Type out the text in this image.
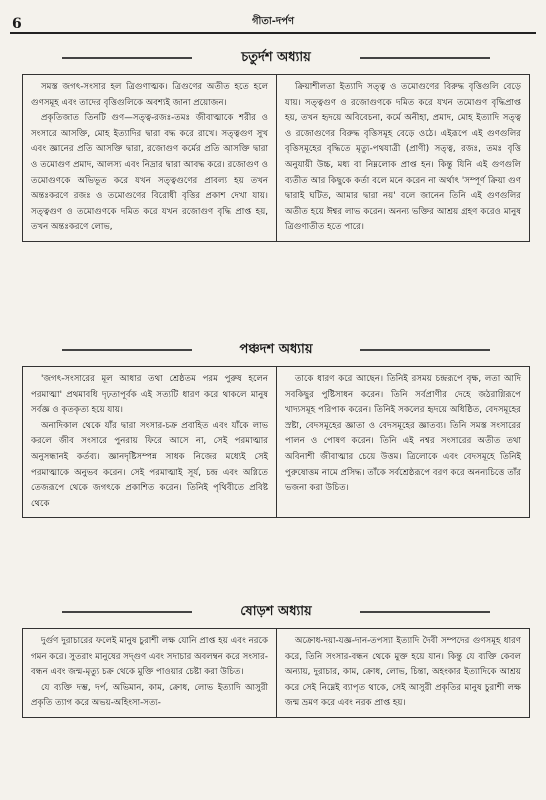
6	গীতা-দর্পণ
চতুর্দশ অধ্যায়

সমস্ত জগৎ-সংসার হল ত্রিগুণাত্মক। ত্রিগুণের অতীত হতে হলে গুণসমূহ এবং তাদের বৃত্তিগুলিকে অবশ্যই জানা প্রয়োজন।

প্রকৃতিজাত তিনটি গুণ—সত্ত্ব-রজঃ-তমঃ জীবাত্মাকে শরীর ও সংসারে আসক্তি, মোহ ইত্যাদির দ্বারা বদ্ধ করে রাখে। সত্ত্বগুণ সুখ এবং জ্ঞানের প্রতি আসক্তি দ্বারা, রজোগুণ কর্মের প্রতি আসক্তি দ্বারা ও তমোগুণ প্রমাদ, আলস্য এবং নিদ্রার দ্বারা আবদ্ধ করে। রজোগুণ ও তমোগুণকে অভিভূত করে যখন সত্ত্বগুণের প্রাবল্য হয় তখন অন্তঃকরণে রজঃ ও তমোগুণের বিরোধী বৃত্তির প্রকাশ দেখা যায়। সত্ত্বগুণ ও তমোগুণকে দমিত করে যখন রজোগুণ বৃদ্ধি প্রাপ্ত হয়, তখন অন্তঃকরণে লোভ,

ক্রিয়াশীলতা ইত্যাদি সত্ত্ব ও তমোগুণের বিরুদ্ধ বৃত্তিগুলি বেড়ে যায়। সত্ত্বগুণ ও রজোগুণকে দমিত করে যখন তমোগুণ বৃদ্ধিপ্রাপ্ত হয়, তখন হৃদয়ে অবিবেচনা, কর্মে অনীহা, প্রমাদ, মোহ ইত্যাদি সত্ত্ব ও রজোগুণের বিরুদ্ধ বৃত্তিসমূহ বেড়ে ওঠে। এইরূপে এই গুণগুলির বৃত্তিসমূহের বৃদ্ধিতে মৃত্যু-পথযাত্রী (প্রাণী) সত্ত্ব, রজঃ, তমঃ বৃত্তি অনুযায়ী উচ্চ, মধ্য বা নিম্নলোক প্রাপ্ত হন। কিন্তু যিনি এই গুণগুলি ব্যতীত আর কিছুকে কর্তা বলে মনে করেন না অর্থাৎ 'সম্পূর্ণ ক্রিয়া গুণ দ্বারাই ঘটিত, আমার দ্বারা নয়' বলে জানেন তিনি এই গুণগুলির অতীত হয়ে ঈশ্বর লাভ করেন। অনন্য ভক্তির আশ্রয় গ্রহণ করেও মানুষ ত্রিগুণাতীত হতে পারে।

পঞ্চদশ অধ্যায়

'জগৎ-সংসারের মূল আধার তথা শ্রেষ্ঠতম পরম পুরুষ হলেন পরমাত্মা' প্রথমাবধি দৃঢ়তাপূর্বক এই সত্যটি ধারণ করে থাকলে মানুষ সর্বজ্ঞ ও কৃতকৃত্য হয়ে যায়।

অনাদিকাল থেকে যাঁর দ্বারা সংসার-চক্র প্রবাহিত এবং যাঁকে লাভ করলে জীব সংসারে পুনরায় ফিরে আসে না, সেই পরমাত্মার অনুসন্ধানই কর্তব্য। জ্ঞানদৃষ্টিসম্পন্ন সাধক নিজের মধ্যেই সেই পরমাত্মাকে অনুভব করেন। সেই পরমাত্মাই সূর্য, চন্দ্র এবং অগ্নিতে তেজরূপে থেকে জগৎকে প্রকাশিত করেন। তিনিই পৃথিবীতে প্রবিষ্ট থেকে

তাকে ধারণ করে আছেন। তিনিই রসময় চন্দ্ররূপে বৃক্ষ, লতা আদি সবকিছুর পুষ্টিসাধন করেন। তিনি সর্বপ্রাণীর দেহে জঠরাগ্নিরূপে খাদ্যসমূহ পরিপাক করেন। তিনিই সকলের হৃদয়ে অধিষ্ঠিত, বেদসমূহের স্রষ্টা, বেদসমূহের জ্ঞাতা ও বেদসমূহের জ্ঞাতব্য। তিনি সমস্ত সংসারের পালন ও পোষণ করেন। তিনি এই নশ্বর সংসারের অতীত তথা অবিনাশী জীবাত্মার চেয়ে উত্তম। ত্রিলোকে এবং বেদসমূহে তিনিই পুরুষোত্তম নামে প্রসিদ্ধ। তাঁকে সর্বশ্রেষ্ঠরূপে বরণ করে অনন্যচিত্তে তাঁর ভজনা করা উচিত।

ষোড়শ অধ্যায়

দুর্গুণ দুরাচারের ফলেই মানুষ চুরাশী লক্ষ যোনি প্রাপ্ত হয় এবং নরকে গমন করে। সুতরাং মানুষের সদ্গুণ এবং সদাচার অবলম্বন করে সংসার-বন্ধন এবং জন্ম-মৃত্যু চক্র থেকে মুক্তি পাওয়ার চেষ্টা করা উচিত।

যে ব্যক্তি দম্ভ, দর্প, অভিমান, কাম, ক্রোধ, লোভ ইত্যাদি আসুরী প্রকৃতি ত্যাগ করে অভয়-অহিংসা-সত্য-

অক্রোধ-দয়া-যজ্ঞ-দান-তপস্যা ইত্যাদি দৈবী সম্পদের গুণসমূহ ধারণ করে, তিনি সংসার-বন্ধন থেকে মুক্ত হয়ে যান। কিন্তু যে ব্যক্তি কেবল অন্যায়, দুরাচার, কাম, ক্রোধ, লোভ, চিন্তা, অহংকার ইত্যাদিকে আশ্রয় করে সেই নিম্নেই ব্যাপৃত থাকে, সেই আসুরী প্রকৃতির মানুষ চুরাশী লক্ষ জন্ম ভ্রমণ করে এবং নরক প্রাপ্ত হয়।
